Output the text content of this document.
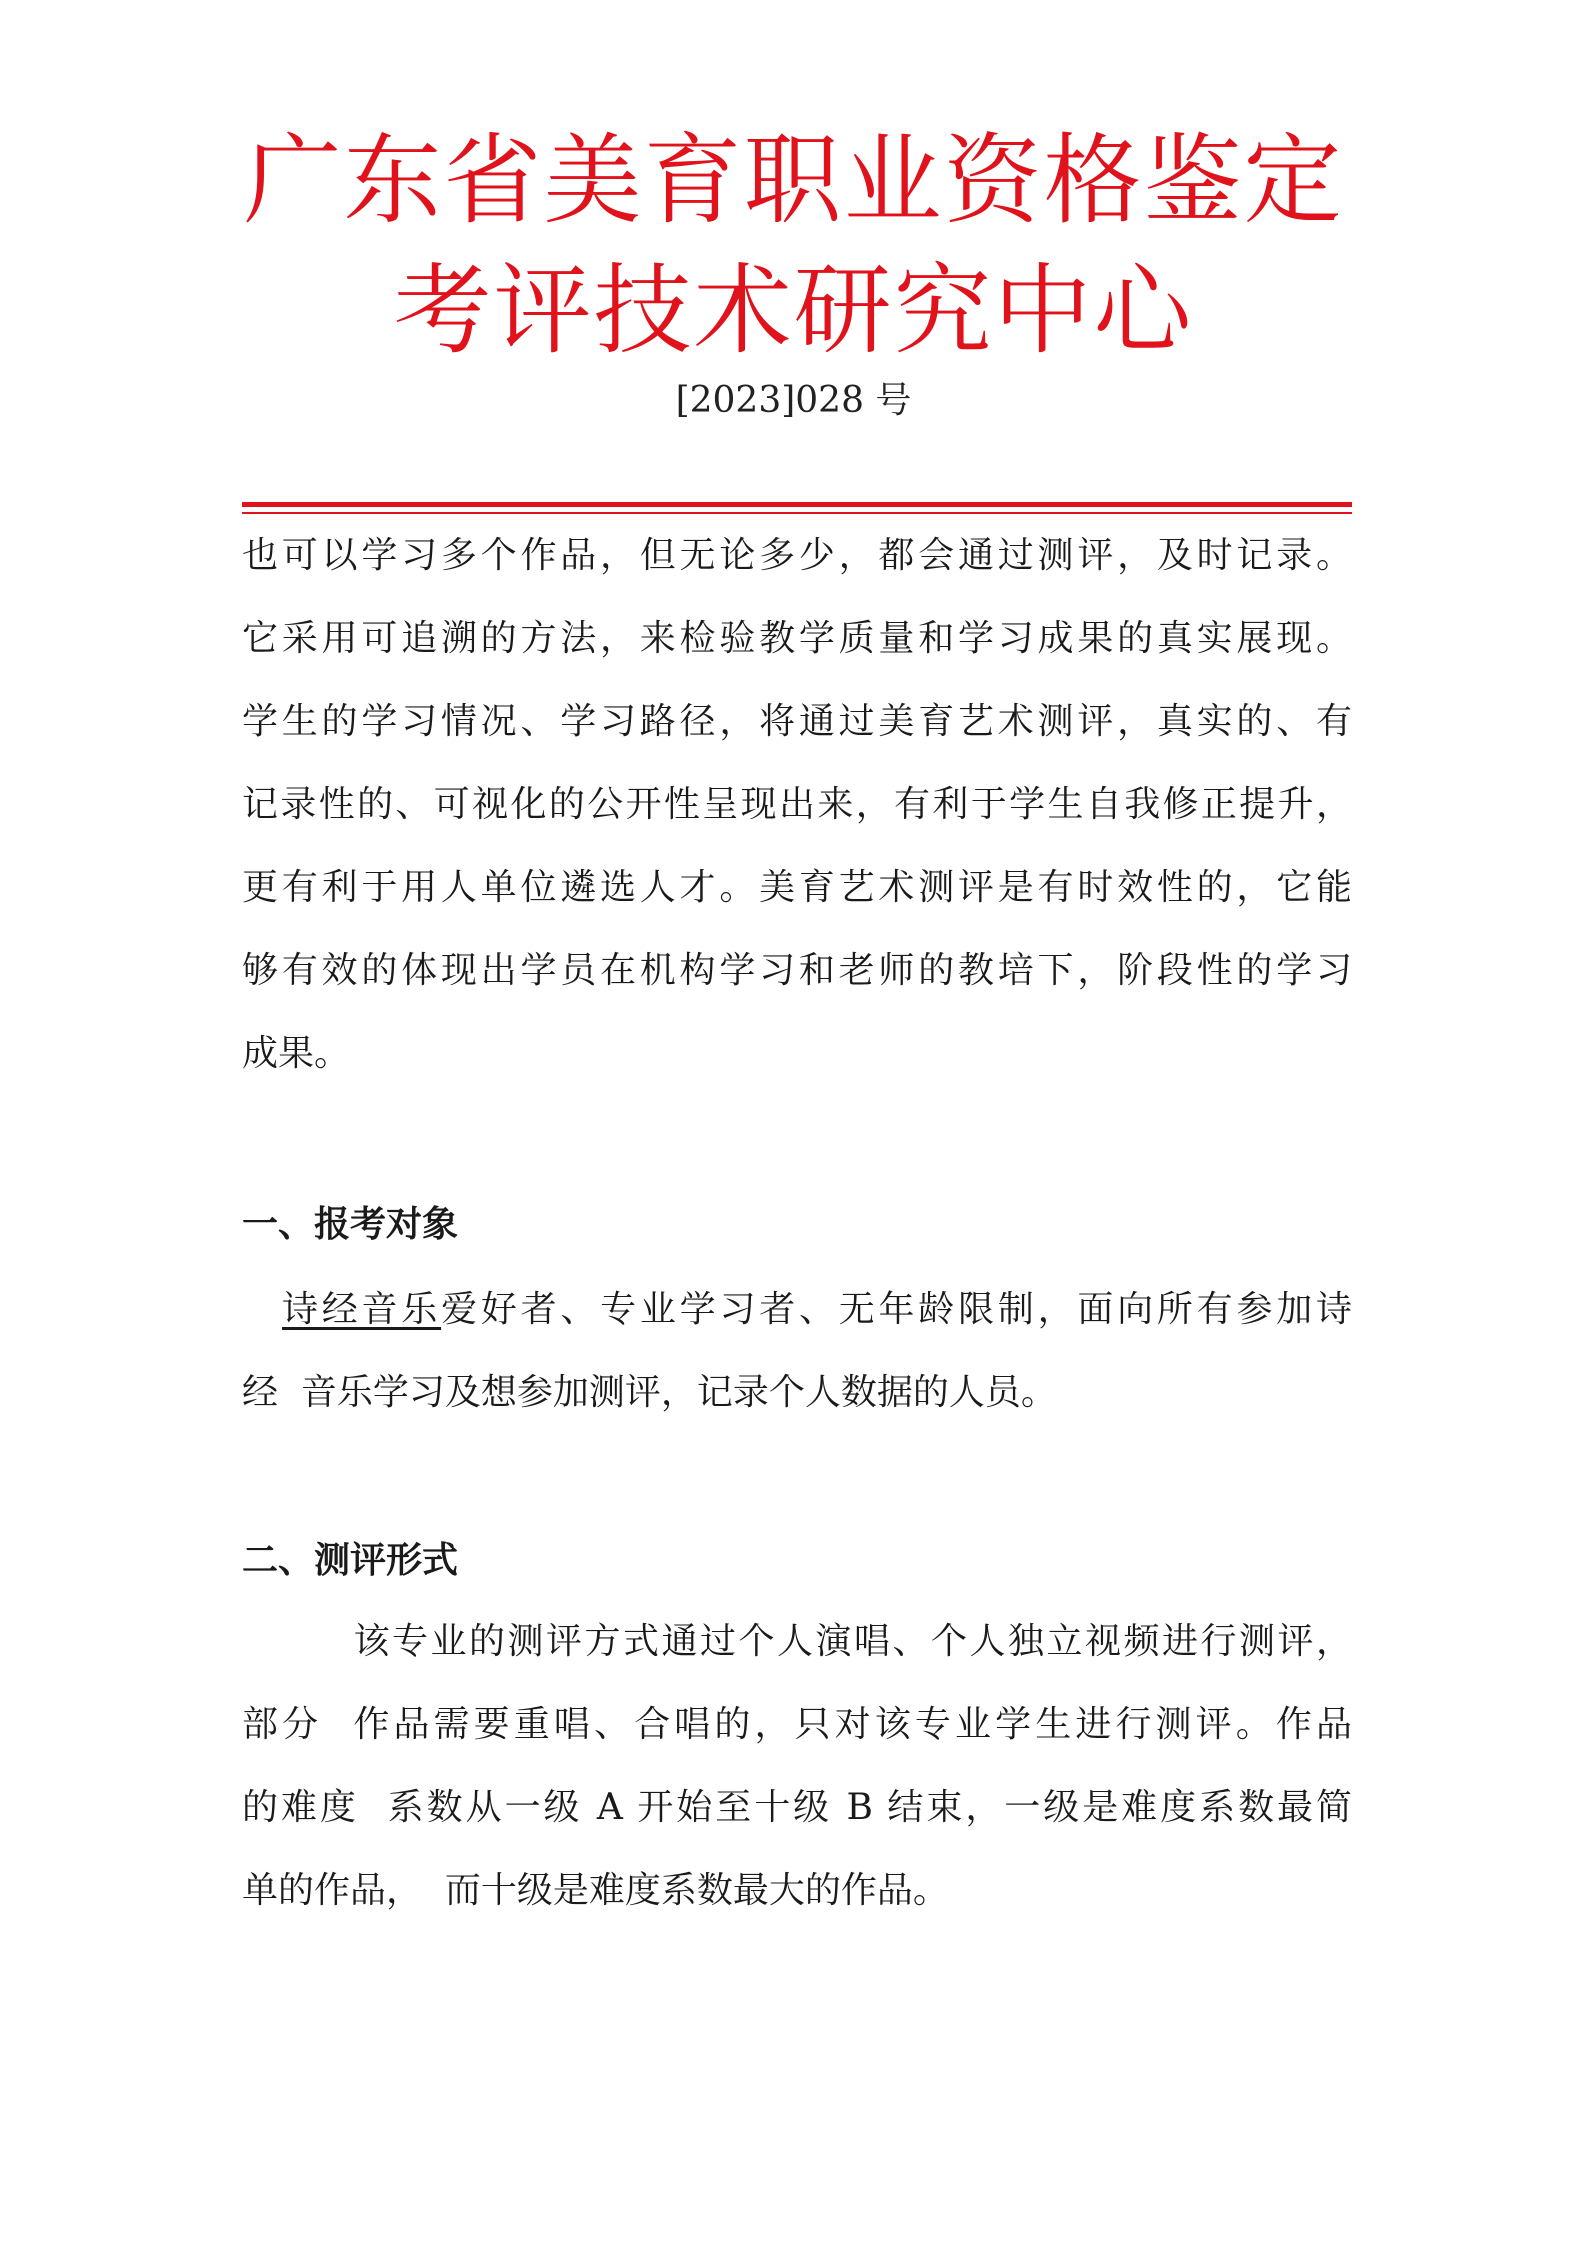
广东省美育职业资格鉴定
考评技术研究中心
[2023]028 号
也可以学习多个作品，但无论多少，都会通过测评，及时记录。
它采用可追溯的方法，来检验教学质量和学习成果的真实展现。
学生的学习情况、学习路径，将通过美育艺术测评，真实的、有
记录性的、可视化的公开性呈现出来，有利于学生自我修正提升，
更有利于用人单位遴选人才。美育艺术测评是有时效性的，它能
够有效的体现出学员在机构学习和老师的教培下，阶段性的学习
成果。
一、报考对象
诗经音乐爱好者、专业学习者、无年龄限制，面向所有参加诗
经  音乐学习及想参加测评，记录个人数据的人员。
二、测评形式
该专业的测评方式通过个人演唱、个人独立视频进行测评，
部分  作品需要重唱、合唱的，只对该专业学生进行测评。作品
的难度  系数从一级 A 开始至十级 B 结束，一级是难度系数最简
单的作品，  而十级是难度系数最大的作品。
